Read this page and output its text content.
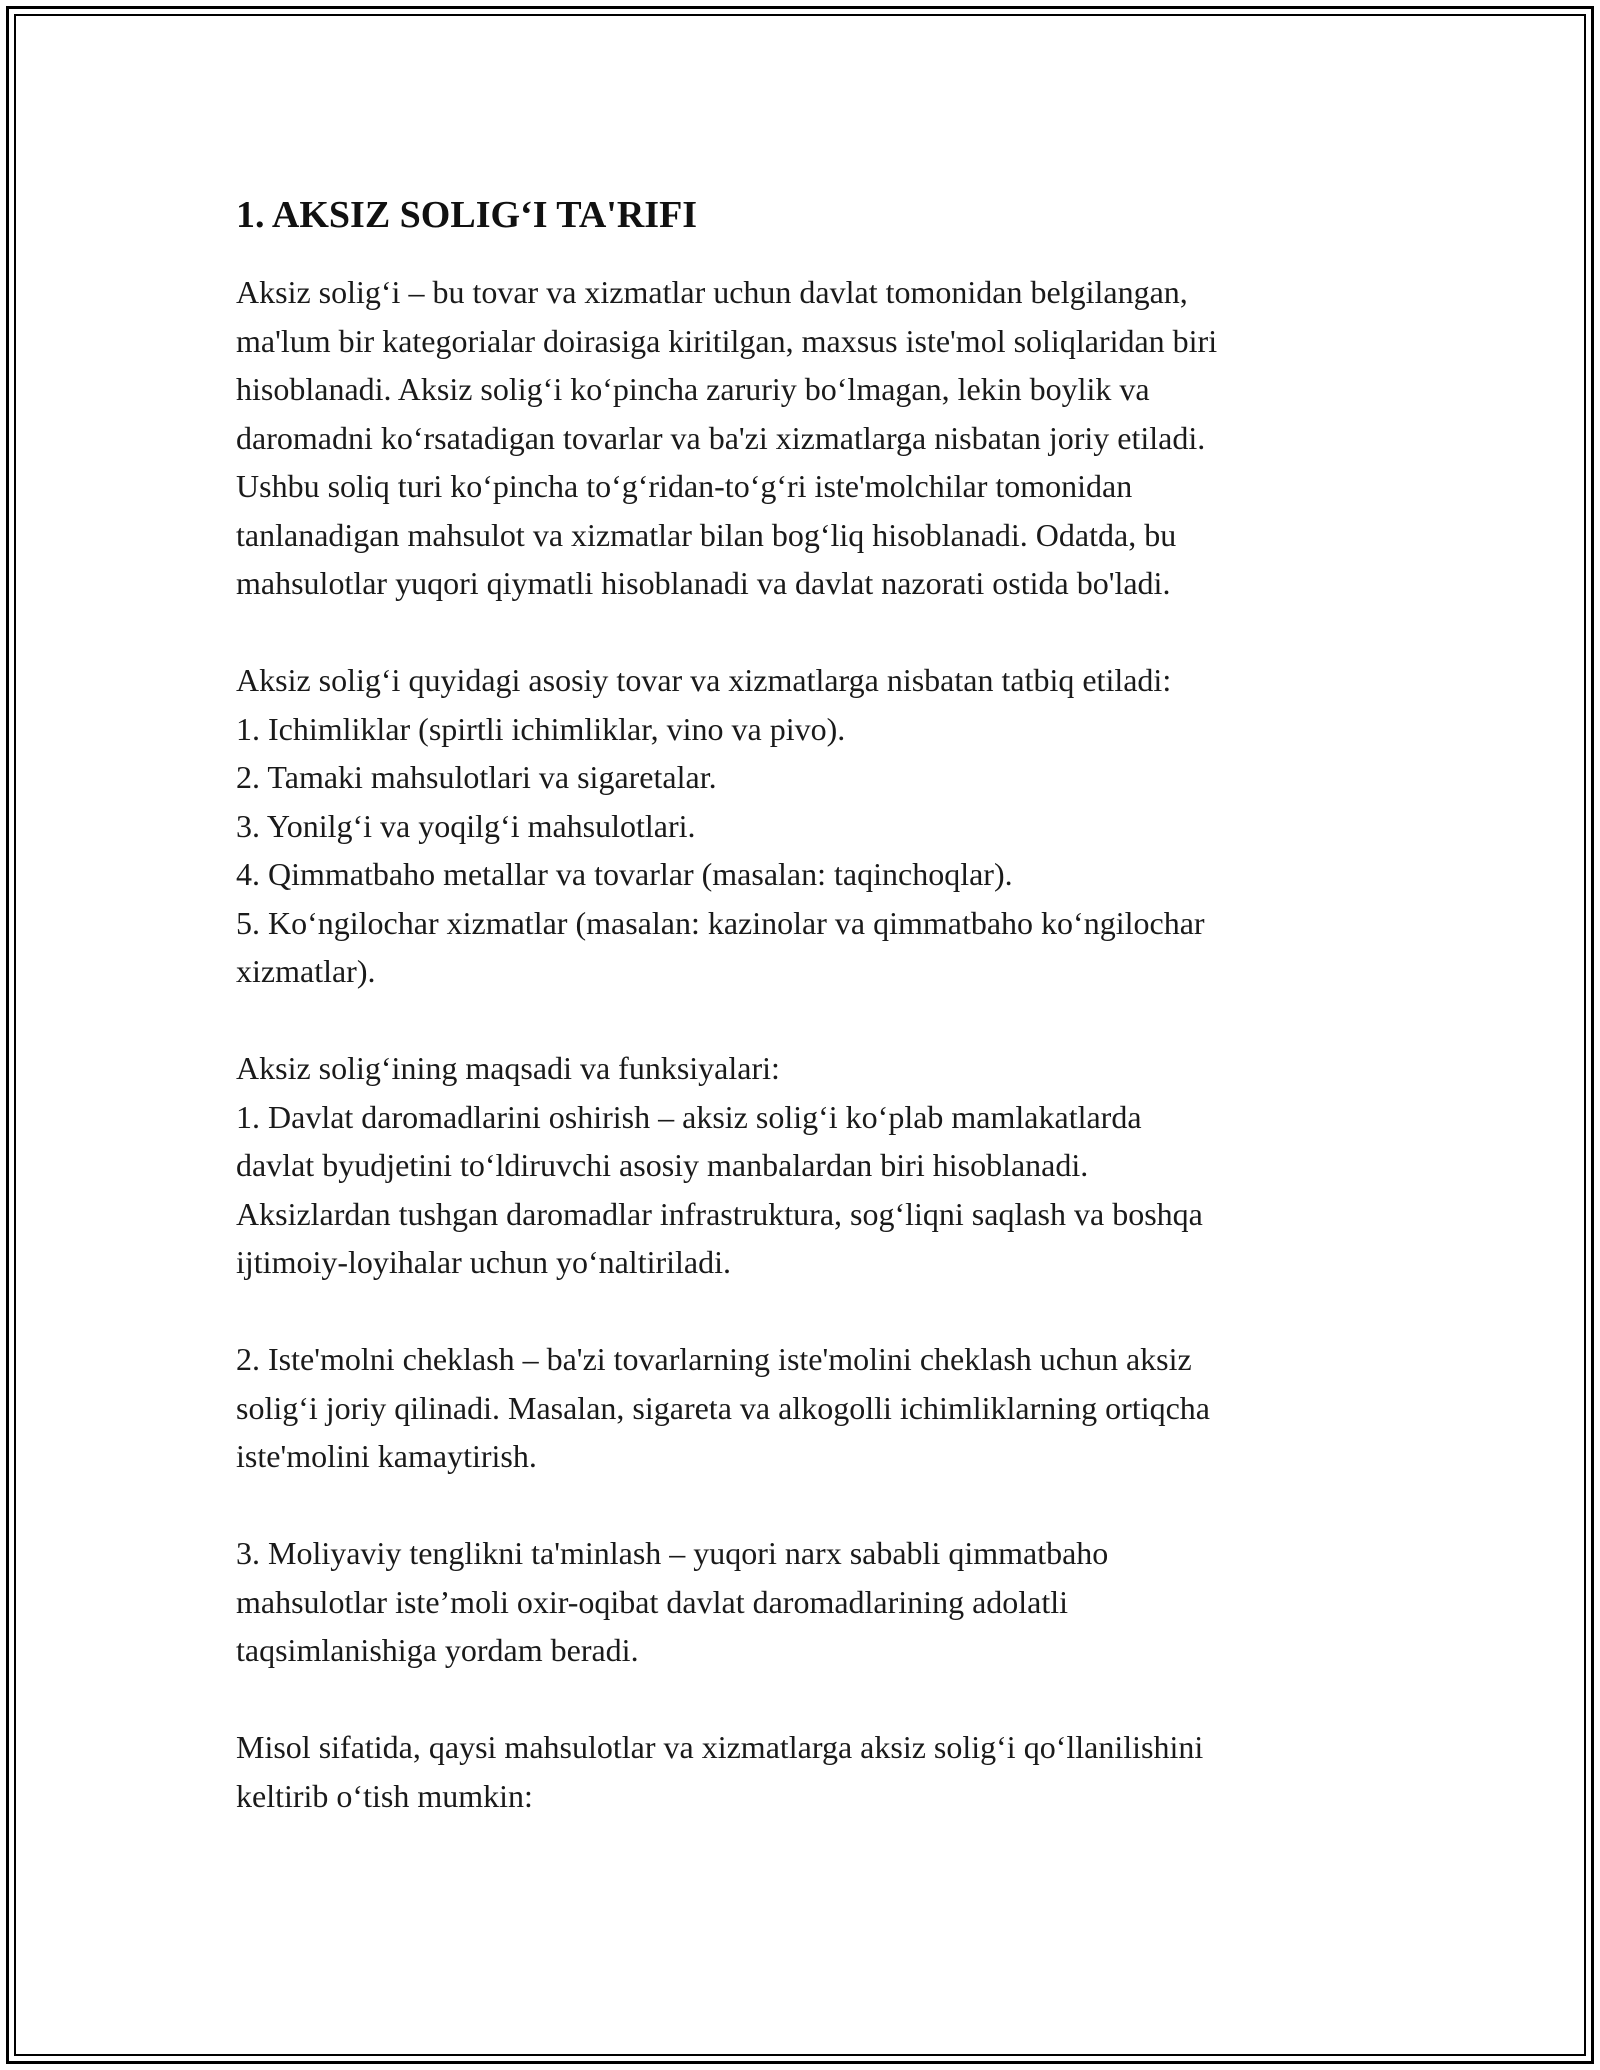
1. AKSIZ SOLIG‘I TA'RIFI

Aksiz solig‘i – bu tovar va xizmatlar uchun davlat tomonidan belgilangan,
ma'lum bir kategorialar doirasiga kiritilgan, maxsus iste'mol soliqlaridan biri
hisoblanadi. Aksiz solig‘i ko‘pincha zaruriy bo‘lmagan, lekin boylik va
daromadni ko‘rsatadigan tovarlar va ba'zi xizmatlarga nisbatan joriy etiladi.
Ushbu soliq turi ko‘pincha to‘g‘ridan-to‘g‘ri iste'molchilar tomonidan
tanlanadigan mahsulot va xizmatlar bilan bog‘liq hisoblanadi. Odatda, bu
mahsulotlar yuqori qiymatli hisoblanadi va davlat nazorati ostida bo'ladi.

Aksiz solig‘i quyidagi asosiy tovar va xizmatlarga nisbatan tatbiq etiladi:
1. Ichimliklar (spirtli ichimliklar, vino va pivo).
2. Tamaki mahsulotlari va sigaretalar.
3. Yonilg‘i va yoqilg‘i mahsulotlari.
4. Qimmatbaho metallar va tovarlar (masalan: taqinchoqlar).
5. Ko‘ngilochar xizmatlar (masalan: kazinolar va qimmatbaho ko‘ngilochar
xizmatlar).

Aksiz solig‘ining maqsadi va funksiyalari:
1. Davlat daromadlarini oshirish – aksiz solig‘i ko‘plab mamlakatlarda
davlat byudjetini to‘ldiruvchi asosiy manbalardan biri hisoblanadi.
Aksizlardan tushgan daromadlar infrastruktura, sog‘liqni saqlash va boshqa
ijtimoiy-loyihalar uchun yo‘naltiriladi.

2. Iste'molni cheklash – ba'zi tovarlarning iste'molini cheklash uchun aksiz
solig‘i joriy qilinadi. Masalan, sigareta va alkogolli ichimliklarning ortiqcha
iste'molini kamaytirish.

3. Moliyaviy tenglikni ta'minlash – yuqori narx sababli qimmatbaho
mahsulotlar iste’moli oxir-oqibat davlat daromadlarining adolatli
taqsimlanishiga yordam beradi.

Misol sifatida, qaysi mahsulotlar va xizmatlarga aksiz solig‘i qo‘llanilishini
keltirib o‘tish mumkin:
